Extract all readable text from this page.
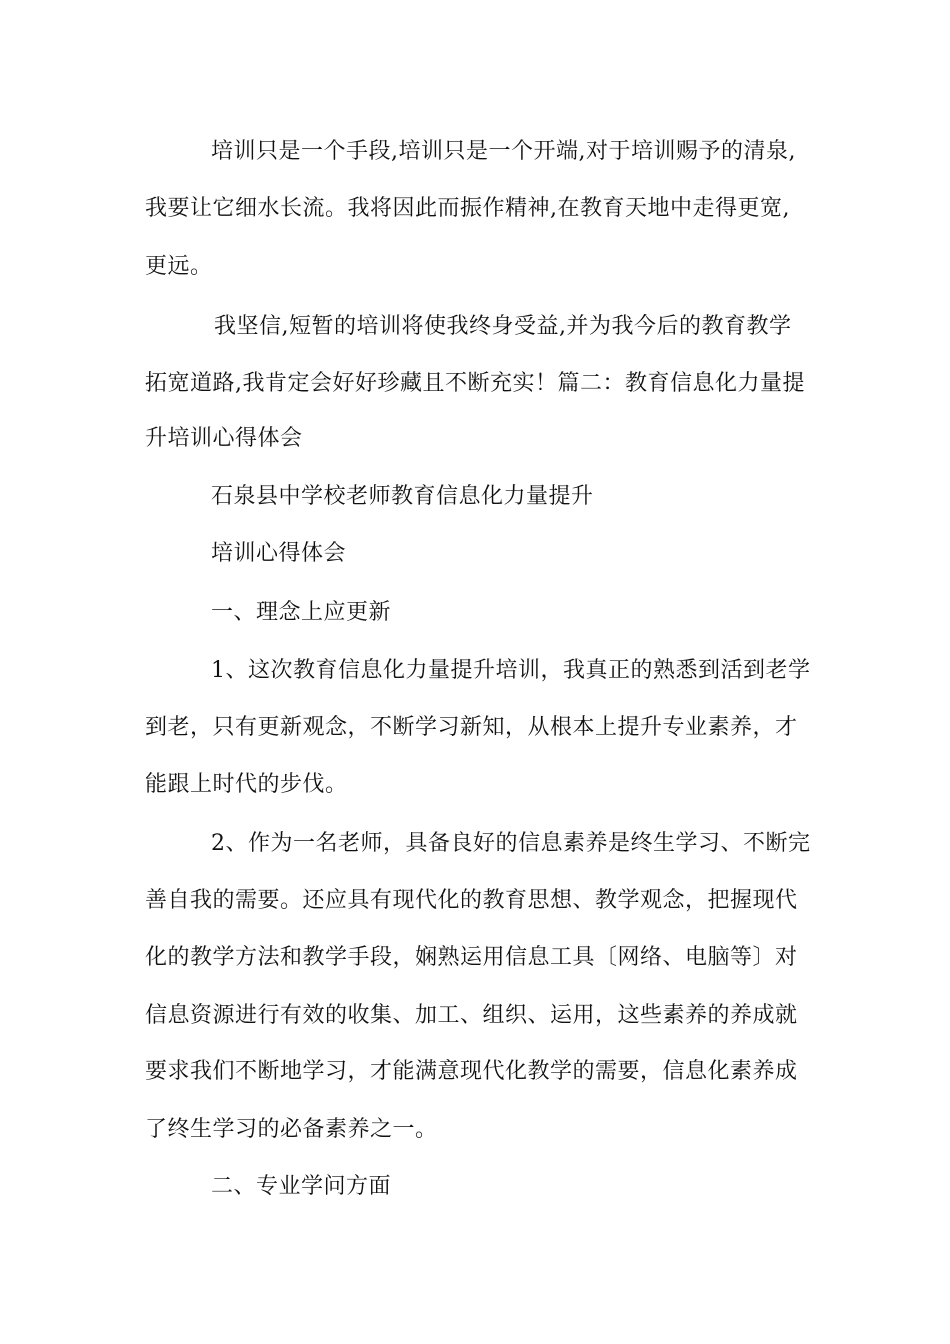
培训只是一个手段,培训只是一个开端,对于培训赐予的清泉,
我要让它细水长流。我将因此而振作精神,在教育天地中走得更宽,
更远。
我坚信,短暂的培训将使我终身受益,并为我今后的教育教学
拓宽道路,我肯定会好好珍藏且不断充实！篇二：教育信息化力量提
升培训心得体会
石泉县中学校老师教育信息化力量提升
培训心得体会
一、理念上应更新
1、这次教育信息化力量提升培训，我真正的熟悉到活到老学
到老，只有更新观念，不断学习新知，从根本上提升专业素养，才
能跟上时代的步伐。
2、作为一名老师，具备良好的信息素养是终生学习、不断完
善自我的需要。还应具有现代化的教育思想、教学观念，把握现代
化的教学方法和教学手段，娴熟运用信息工具〔网络、电脑等〕对
信息资源进行有效的收集、加工、组织、运用，这些素养的养成就
要求我们不断地学习，才能满意现代化教学的需要，信息化素养成
了终生学习的必备素养之一。
二、专业学问方面
